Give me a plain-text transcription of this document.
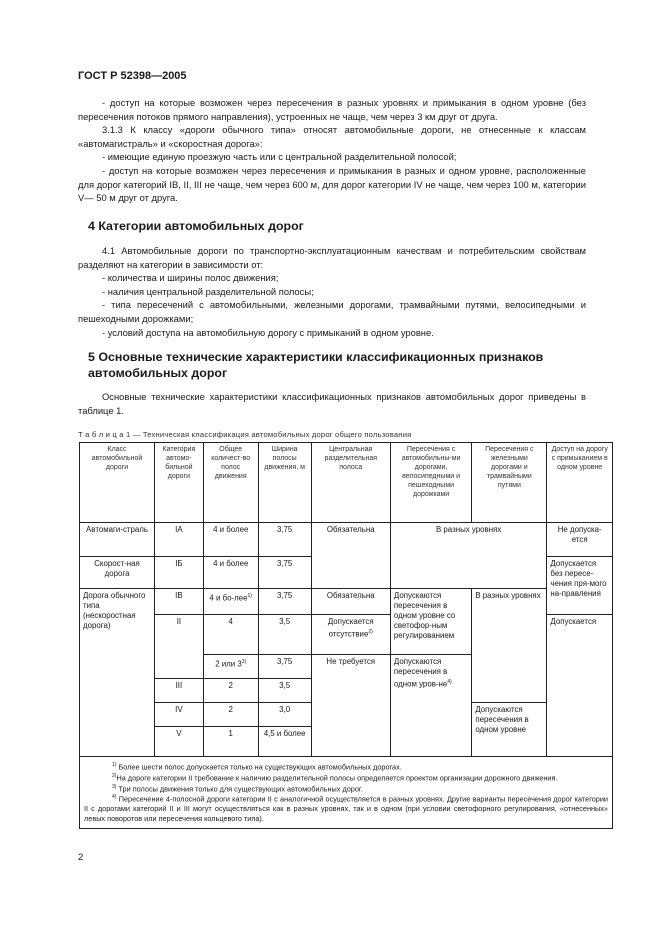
ГОСТ Р 52398—2005

- доступ на которые возможен через пересечения в разных уровнях и примыкания в одном уровне (без пересечения потоков прямого направления), устроенных не чаще, чем через 3 км друг от друга.

3.1.3 К классу «дороги обычного типа» относят автомобильные дороги, не отнесенные к классам «автомагистраль» и «скоростная дорога»:

- имеющие единую проезжую часть или с центральной разделительной полосой;

- доступ на которые возможен через пересечения и примыкания в разных и одном уровне, расположенные для дорог категорий IB, II, III не чаще, чем через 600 м, для дорог категории IV не чаще, чем через 100 м, категории V— 50 м друг от друга.

4 Категории автомобильных дорог

4.1 Автомобильные дороги по транспортно-эксплуатационным качествам и потребительским свойствам разделяют на категории в зависимости от:

- количества и ширины полос движения;

- наличия центральной разделительной полосы;

- типа пересечений с автомобильными, железными дорогами, трамвайными путями, велосипедными и пешеходными дорожками;

- условий доступа на автомобильную дорогу с примыканий в одном уровне.

5 Основные технические характеристики классификационных признаков автомобильных дорог

Основные технические характеристики классификационных признаков автомобильных дорог приведены в таблице 1.

Т а б л и ц а 1 — Техническая классификация автомобильных дорог общего пользования
Класс автомобильной дороги	Категория автомо-бильной дороги	Общее количест-во полос движения	Ширина полосы движения, м	Центральная разделительная полоса	Пересечения с автомобильны-ми дорогами, велосипедными и пешеходными дорожками	Пересечения с железными дорогами и трамвайными путями	Доступ на дорогу с примыканием в одном уровне
Автомаги-страль	IA	4 и более	3,75	Обязательна	В разных уровнях		Не допуска-ется
Скорост-ная дорога	IБ	4 и более	3,75				Допускается без пересе-чения пря-мого на-правления
Дорога обычного типа (нескоростная дорога)	IB	4 и бо-лее$^{1)}$	3,75	Обязательна	Допускаются пересечения в одном уровне со светофор-ным регулированием	В разных уровнях	
	II	4	3,5	Допускается отсутствие$^{2)}$			Допускается
		2 или 3$^{3)}$	3,75	Не требуется	Допускаются пересечения в одном уров-$не^{4)}$
	III	2	3,5				
	IV	2	3,0			Допускаются пересечения в одном уровне	
	V	1	4,5 и более				

$^{1)}$ Более шести полос допускается только на существующих автомобильных дорогах.

$^{2)}$На дороге категории II требование к наличию разделительной полосы определяется проектом организации дорожного движения.

$^{3)}$ Три полосы движения только для существующих автомобильных дорог.

$^{4)}$ Пересечение 4-полосной дороги категории II с аналогичной осуществляется в разных уровнях. Другие варианты пересечения дорог категории II с дорогами категорий II и III могут осуществляться как в разных уровнях, так и в одном (при условии светофорного регулирования, «отнесенных» левых поворотов или пересечения кольцевого типа).							

2
